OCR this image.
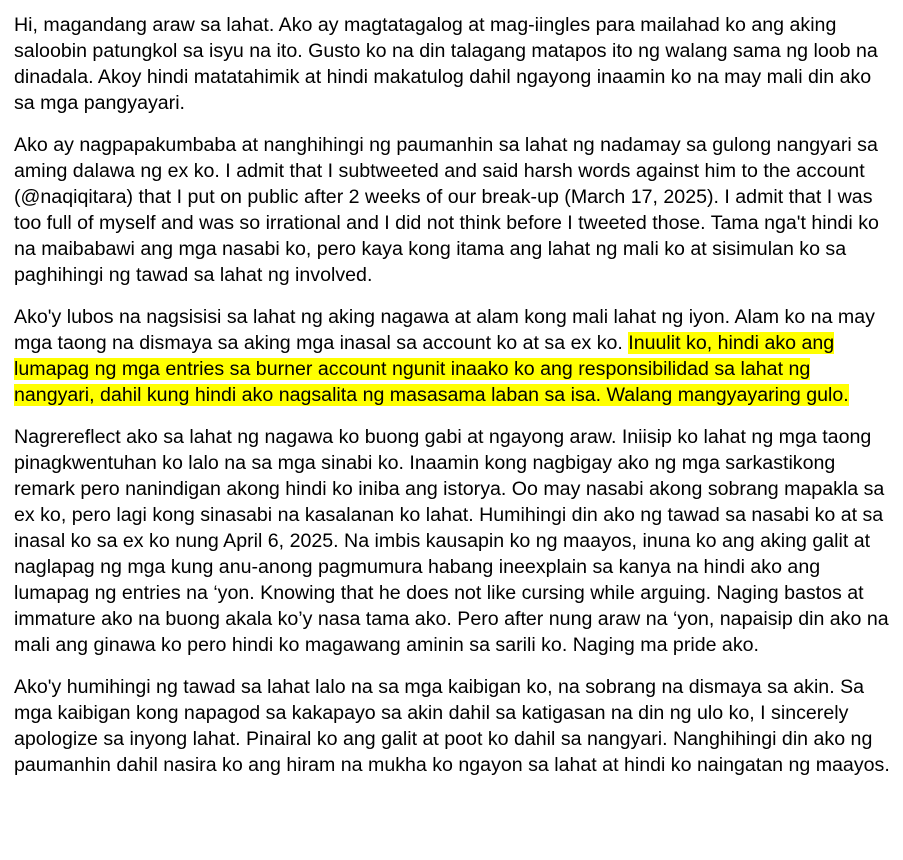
Hi, magandang araw sa lahat. Ako ay magtatagalog at mag-iingles para mailahad ko ang aking saloobin patungkol sa isyu na ito. Gusto ko na din talagang matapos ito ng walang sama ng loob na dinadala. Akoy hindi matatahimik at hindi makatulog dahil ngayong inaamin ko na may mali din ako sa mga pangyayari.

Ako ay nagpapakumbaba at nanghihingi ng paumanhin sa lahat ng nadamay sa gulong nangyari sa aming dalawa ng ex ko. I admit that I subtweeted and said harsh words against him to the account (@naqiqitara) that I put on public after 2 weeks of our break-up (March 17, 2025). I admit that I was too full of myself and was so irrational and I did not think before I tweeted those. Tama nga't hindi ko na maibabawi ang mga nasabi ko, pero kaya kong itama ang lahat ng mali ko at sisimulan ko sa paghihingi ng tawad sa lahat ng involved.

Ako'y lubos na nagsisisi sa lahat ng aking nagawa at alam kong mali lahat ng iyon. Alam ko na may mga taong na dismaya sa aking mga inasal sa account ko at sa ex ko. Inuulit ko, hindi ako ang lumapag ng mga entries sa burner account ngunit inaako ko ang responsibilidad sa lahat ng nangyari, dahil kung hindi ako nagsalita ng masasama laban sa isa. Walang mangyayaring gulo.

Nagrereflect ako sa lahat ng nagawa ko buong gabi at ngayong araw. Iniisip ko lahat ng mga taong pinagkwentuhan ko lalo na sa mga sinabi ko. Inaamin kong nagbigay ako ng mga sarkastikong remark pero nanindigan akong hindi ko iniba ang istorya. Oo may nasabi akong sobrang mapakla sa ex ko, pero lagi kong sinasabi na kasalanan ko lahat. Humihingi din ako ng tawad sa nasabi ko at sa inasal ko sa ex ko nung April 6, 2025. Na imbis kausapin ko ng maayos, inuna ko ang aking galit at naglapag ng mga kung anu-anong pagmumura habang ineexplain sa kanya na hindi ako ang lumapag ng entries na ‘yon. Knowing that he does not like cursing while arguing. Naging bastos at immature ako na buong akala ko’y nasa tama ako. Pero after nung araw na ‘yon, napaisip din ako na mali ang ginawa ko pero hindi ko magawang aminin sa sarili ko. Naging ma pride ako.

Ako'y humihingi ng tawad sa lahat lalo na sa mga kaibigan ko, na sobrang na dismaya sa akin. Sa mga kaibigan kong napagod sa kakapayo sa akin dahil sa katigasan na din ng ulo ko, I sincerely apologize sa inyong lahat. Pinairal ko ang galit at poot ko dahil sa nangyari. Nanghihingi din ako ng paumanhin dahil nasira ko ang hiram na mukha ko ngayon sa lahat at hindi ko naingatan ng maayos.
